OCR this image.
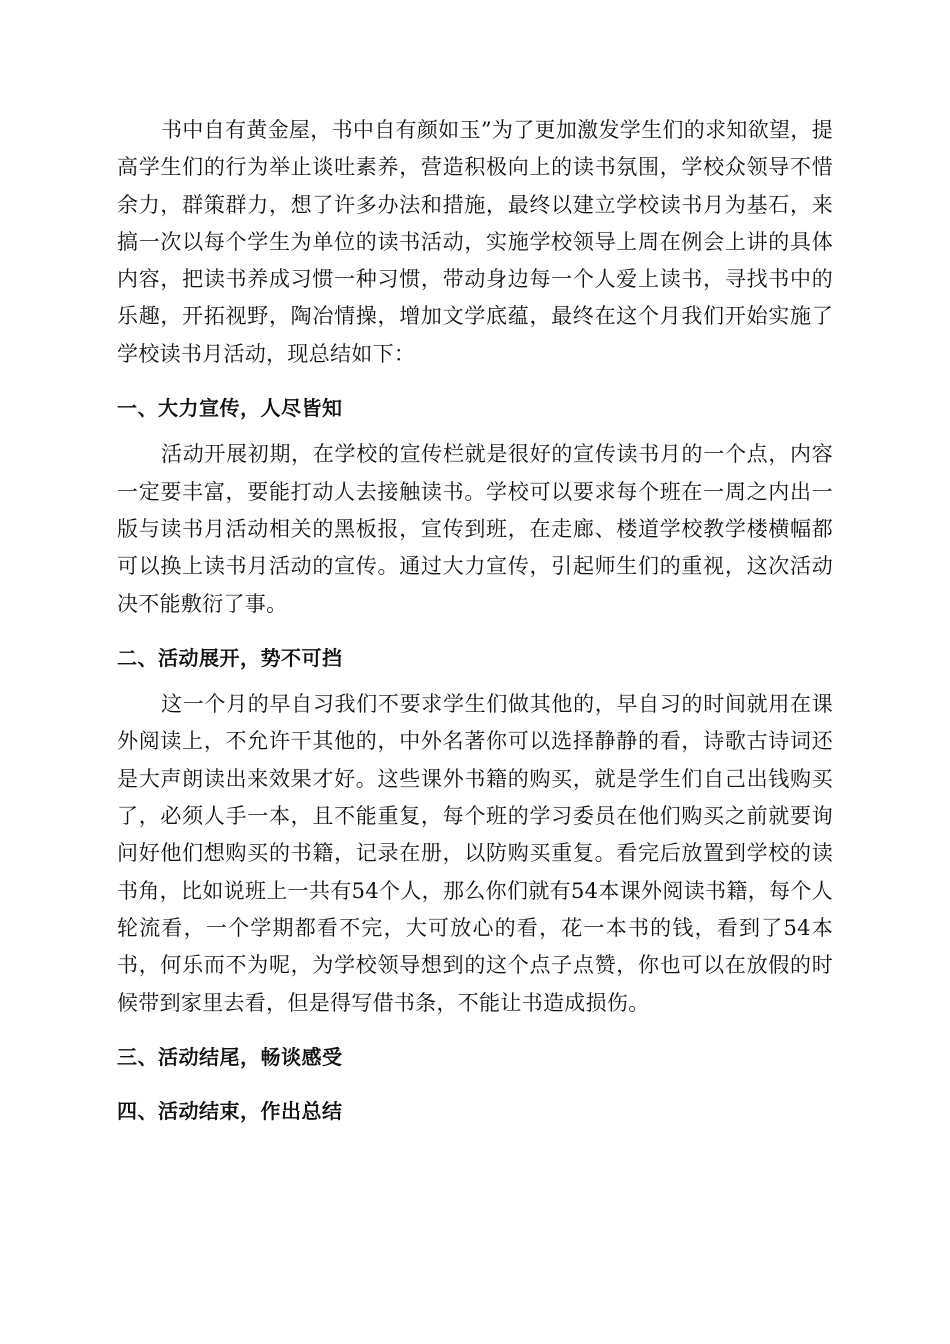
书中自有黄金屋，书中自有颜如玉”为了更加激发学生们的求知欲望，提高学生们的行为举止谈吐素养，营造积极向上的读书氛围，学校众领导不惜余力，群策群力，想了许多办法和措施，最终以建立学校读书月为基石，来搞一次以每个学生为单位的读书活动，实施学校领导上周在例会上讲的具体内容，把读书养成习惯一种习惯，带动身边每一个人爱上读书，寻找书中的乐趣，开拓视野，陶冶情操，增加文学底蕴，最终在这个月我们开始实施了学校读书月活动，现总结如下：

一、大力宣传，人尽皆知

活动开展初期，在学校的宣传栏就是很好的宣传读书月的一个点，内容一定要丰富，要能打动人去接触读书。学校可以要求每个班在一周之内出一版与读书月活动相关的黑板报，宣传到班，在走廊、楼道学校教学楼横幅都可以换上读书月活动的宣传。通过大力宣传，引起师生们的重视，这次活动决不能敷衍了事。

二、活动展开，势不可挡

这一个月的早自习我们不要求学生们做其他的，早自习的时间就用在课外阅读上，不允许干其他的，中外名著你可以选择静静的看，诗歌古诗词还是大声朗读出来效果才好。这些课外书籍的购买，就是学生们自己出钱购买了，必须人手一本，且不能重复，每个班的学习委员在他们购买之前就要询问好他们想购买的书籍，记录在册，以防购买重复。看完后放置到学校的读书角，比如说班上一共有54个人，那么你们就有54本课外阅读书籍，每个人轮流看，一个学期都看不完，大可放心的看，花一本书的钱，看到了54本书，何乐而不为呢，为学校领导想到的这个点子点赞，你也可以在放假的时候带到家里去看，但是得写借书条，不能让书造成损伤。

三、活动结尾，畅谈感受

四、活动结束，作出总结
